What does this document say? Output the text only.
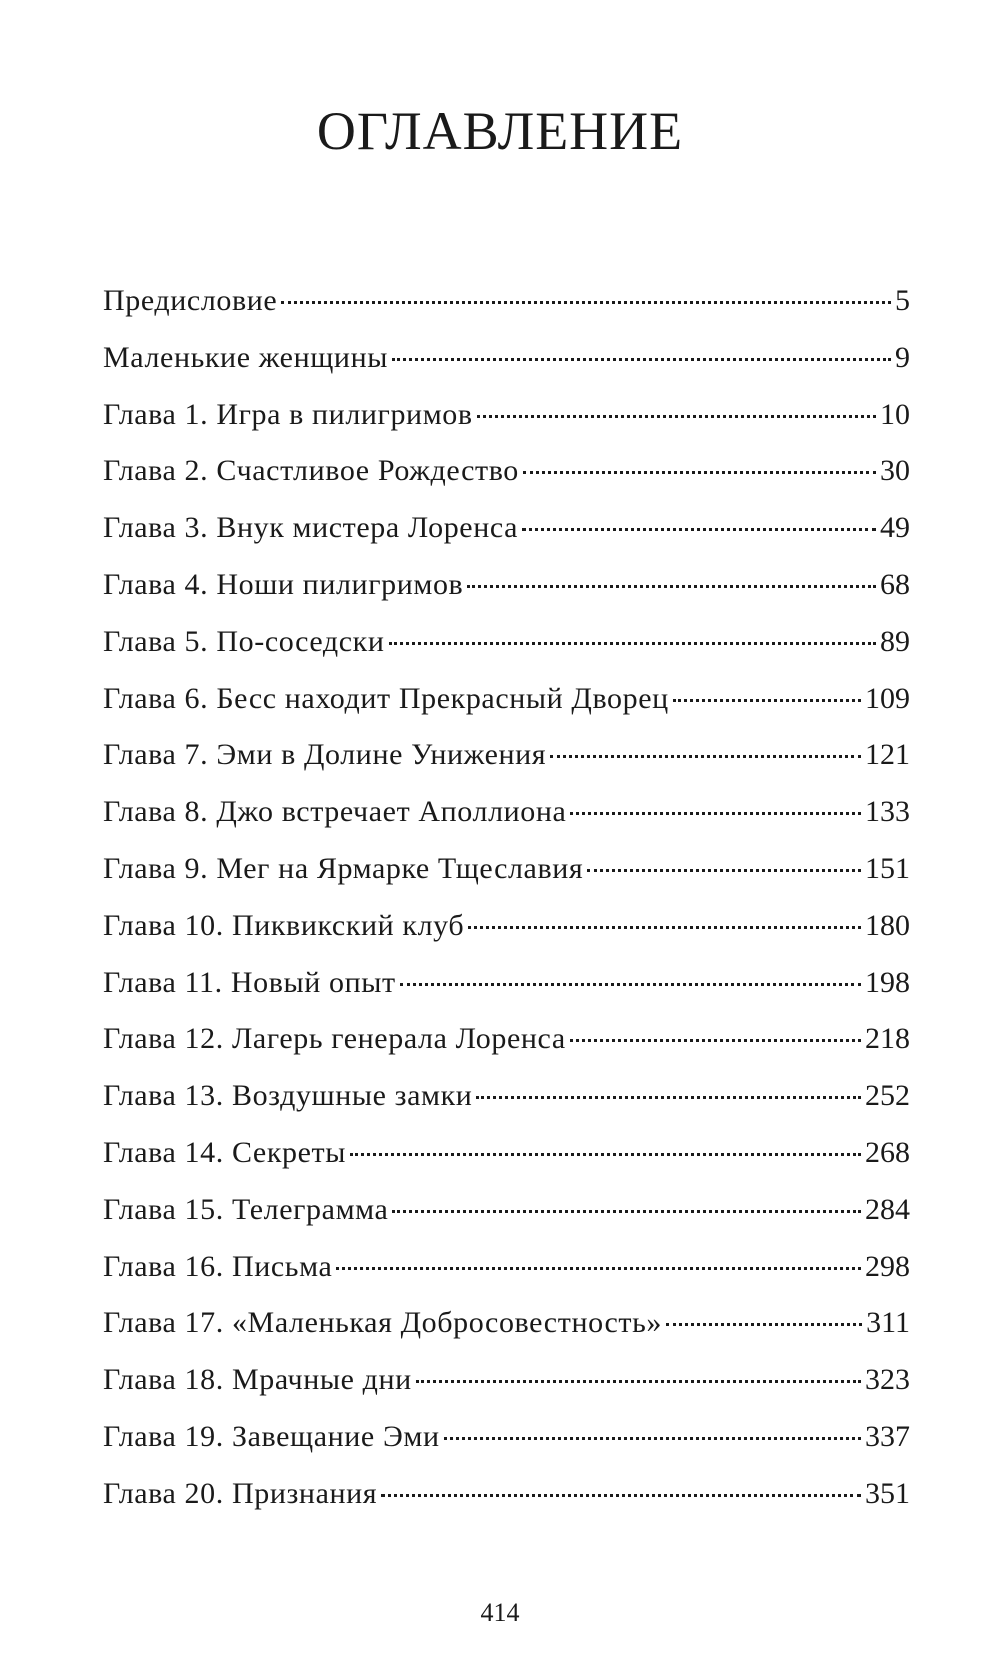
ОГЛАВЛЕНИЕ
Предисловие	5
Маленькие женщины	9
Глава 1. Игра в пилигримов	10
Глава 2. Счастливое Рождество	30
Глава 3. Внук мистера Лоренса	49
Глава 4. Ноши пилигримов	68
Глава 5. По-соседски	89
Глава 6. Бесс находит Прекрасный Дворец	109
Глава 7. Эми в Долине Унижения	121
Глава 8. Джо встречает Аполлиона	133
Глава 9. Мег на Ярмарке Тщеславия	151
Глава 10. Пиквикский клуб	180
Глава 11. Новый опыт	198
Глава 12. Лагерь генерала Лоренса	218
Глава 13. Воздушные замки	252
Глава 14. Секреты	268
Глава 15. Телеграмма	284
Глава 16. Письма	298
Глава 17. «Маленькая Добросовестность»	311
Глава 18. Мрачные дни	323
Глава 19. Завещание Эми	337
Глава 20. Признания	351
414
